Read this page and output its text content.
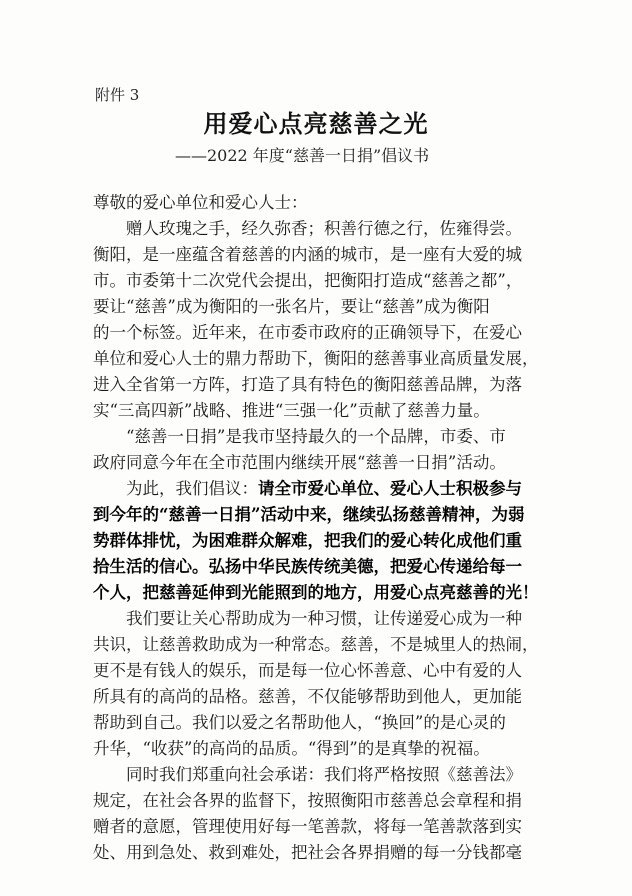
附件 3
用爱心点亮慈善之光
——2022 年度“慈善一日捐”倡议书
尊敬的爱心单位和爱心人士：
赠人玫瑰之手，经久弥香；积善行德之行，佐雍得尝。
衡阳，是一座蕴含着慈善的内涵的城市，是一座有大爱的城
市。市委第十二次党代会提出，把衡阳打造成“慈善之都”，
要让“慈善”成为衡阳的一张名片，要让“慈善”成为衡阳
的一个标签。近年来，在市委市政府的正确领导下，在爱心
单位和爱心人士的鼎力帮助下，衡阳的慈善事业高质量发展，
进入全省第一方阵，打造了具有特色的衡阳慈善品牌，为落
实“三高四新”战略、推进“三强一化”贡献了慈善力量。
“慈善一日捐”是我市坚持最久的一个品牌，市委、市
政府同意今年在全市范围内继续开展“慈善一日捐”活动。
为此，我们倡议：请全市爱心单位、爱心人士积极参与
到今年的“慈善一日捐”活动中来，继续弘扬慈善精神，为弱
势群体排忧，为困难群众解难，把我们的爱心转化成他们重
拾生活的信心。弘扬中华民族传统美德，把爱心传递给每一
个人，把慈善延伸到光能照到的地方，用爱心点亮慈善的光！
我们要让关心帮助成为一种习惯，让传递爱心成为一种
共识，让慈善救助成为一种常态。慈善，不是城里人的热闹，
更不是有钱人的娱乐，而是每一位心怀善意、心中有爱的人
所具有的高尚的品格。慈善，不仅能够帮助到他人，更加能
帮助到自己。我们以爱之名帮助他人，“换回”的是心灵的
升华，“收获”的高尚的品质。“得到”的是真挚的祝福。
同时我们郑重向社会承诺：我们将严格按照《慈善法》
规定，在社会各界的监督下，按照衡阳市慈善总会章程和捐
赠者的意愿，管理使用好每一笔善款，将每一笔善款落到实
处、用到急处、救到难处，把社会各界捐赠的每一分钱都毫
